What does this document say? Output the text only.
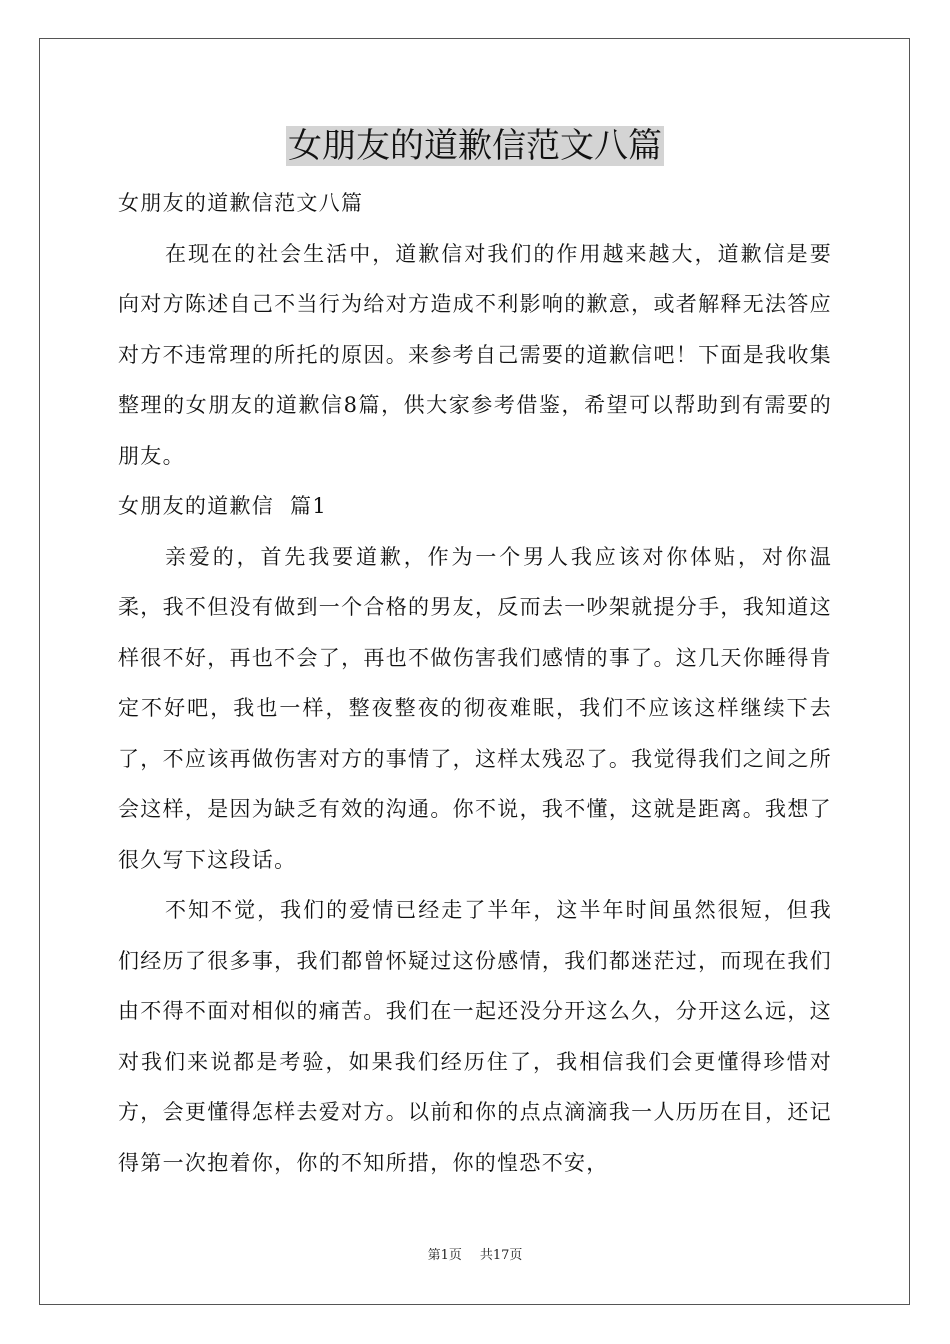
女朋友的道歉信范文八篇

女朋友的道歉信范文八篇

在现在的社会生活中，道歉信对我们的作用越来越大，道歉信是要向对方陈述自己不当行为给对方造成不利影响的歉意，或者解释无法答应对方不违常理的所托的原因。来参考自己需要的道歉信吧！下面是我收集整理的女朋友的道歉信8篇，供大家参考借鉴，希望可以帮助到有需要的朋友。

女朋友的道歉信  篇1

亲爱的，首先我要道歉，作为一个男人我应该对你体贴，对你温柔，我不但没有做到一个合格的男友，反而去一吵架就提分手，我知道这样很不好，再也不会了，再也不做伤害我们感情的事了。这几天你睡得肯定不好吧，我也一样，整夜整夜的彻夜难眠，我们不应该这样继续下去了，不应该再做伤害对方的事情了，这样太残忍了。我觉得我们之间之所会这样，是因为缺乏有效的沟通。你不说，我不懂，这就是距离。我想了很久写下这段话。

不知不觉，我们的爱情已经走了半年，这半年时间虽然很短，但我们经历了很多事，我们都曾怀疑过这份感情，我们都迷茫过，而现在我们由不得不面对相似的痛苦。我们在一起还没分开这么久，分开这么远，这对我们来说都是考验，如果我们经历住了，我相信我们会更懂得珍惜对方，会更懂得怎样去爱对方。以前和你的点点滴滴我一人历历在目，还记得第一次抱着你，你的不知所措，你的惶恐不安，

第1页 共17页
